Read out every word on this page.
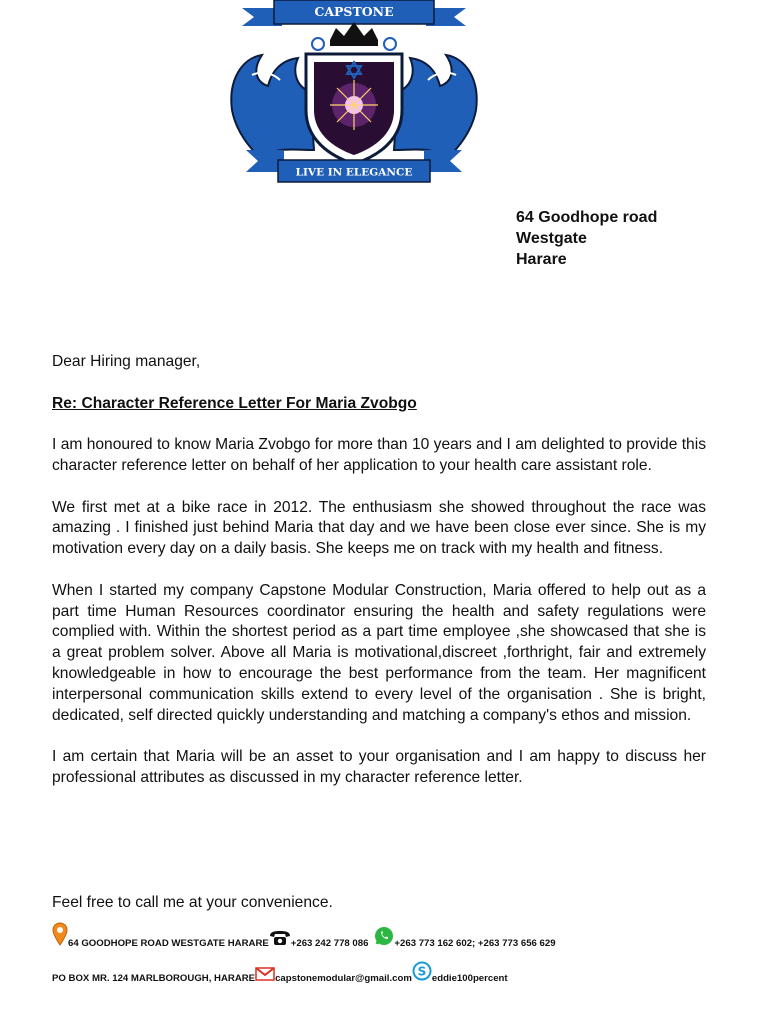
CAPSTONE
LIVE IN ELEGANCE
64 Goodhope road
Westgate
Harare

Dear Hiring manager,

Re: Character Reference Letter For Maria Zvobgo

I am honoured to know Maria Zvobgo for more than 10 years and I am delighted to provide this character reference letter on behalf of her application to your health care assistant role.

We first met at a bike race in 2012. The enthusiasm she showed throughout the race was amazing . I finished just behind Maria that day and we have been close ever since. She is my motivation every day on a daily basis. She keeps me on track with my health and fitness.

When I started my company Capstone Modular Construction, Maria offered to help out as a part time Human Resources coordinator ensuring the health and safety regulations were complied with. Within the shortest period as a part time employee ,she showcased that she is a great problem solver. Above all Maria is motivational,discreet ,forthright, fair and extremely knowledgeable in how to encourage the best performance from the team. Her magnificent interpersonal communication skills extend to every level of the organisation . She is bright, dedicated, self directed quickly understanding and matching a company's ethos and mission.

I am certain that Maria will be an asset to your organisation and I am happy to discuss her professional attributes as discussed in my character reference letter.

Feel free to call me at your convenience.
64 GOODHOPE ROAD WESTGATE HARARE +263 242 778 086	+263 773 162 602; +263 773 656 629
PO BOX MR. 124 MARLBOROUGH, HARARE capstonemodular@gmail.com S eddie100percent
